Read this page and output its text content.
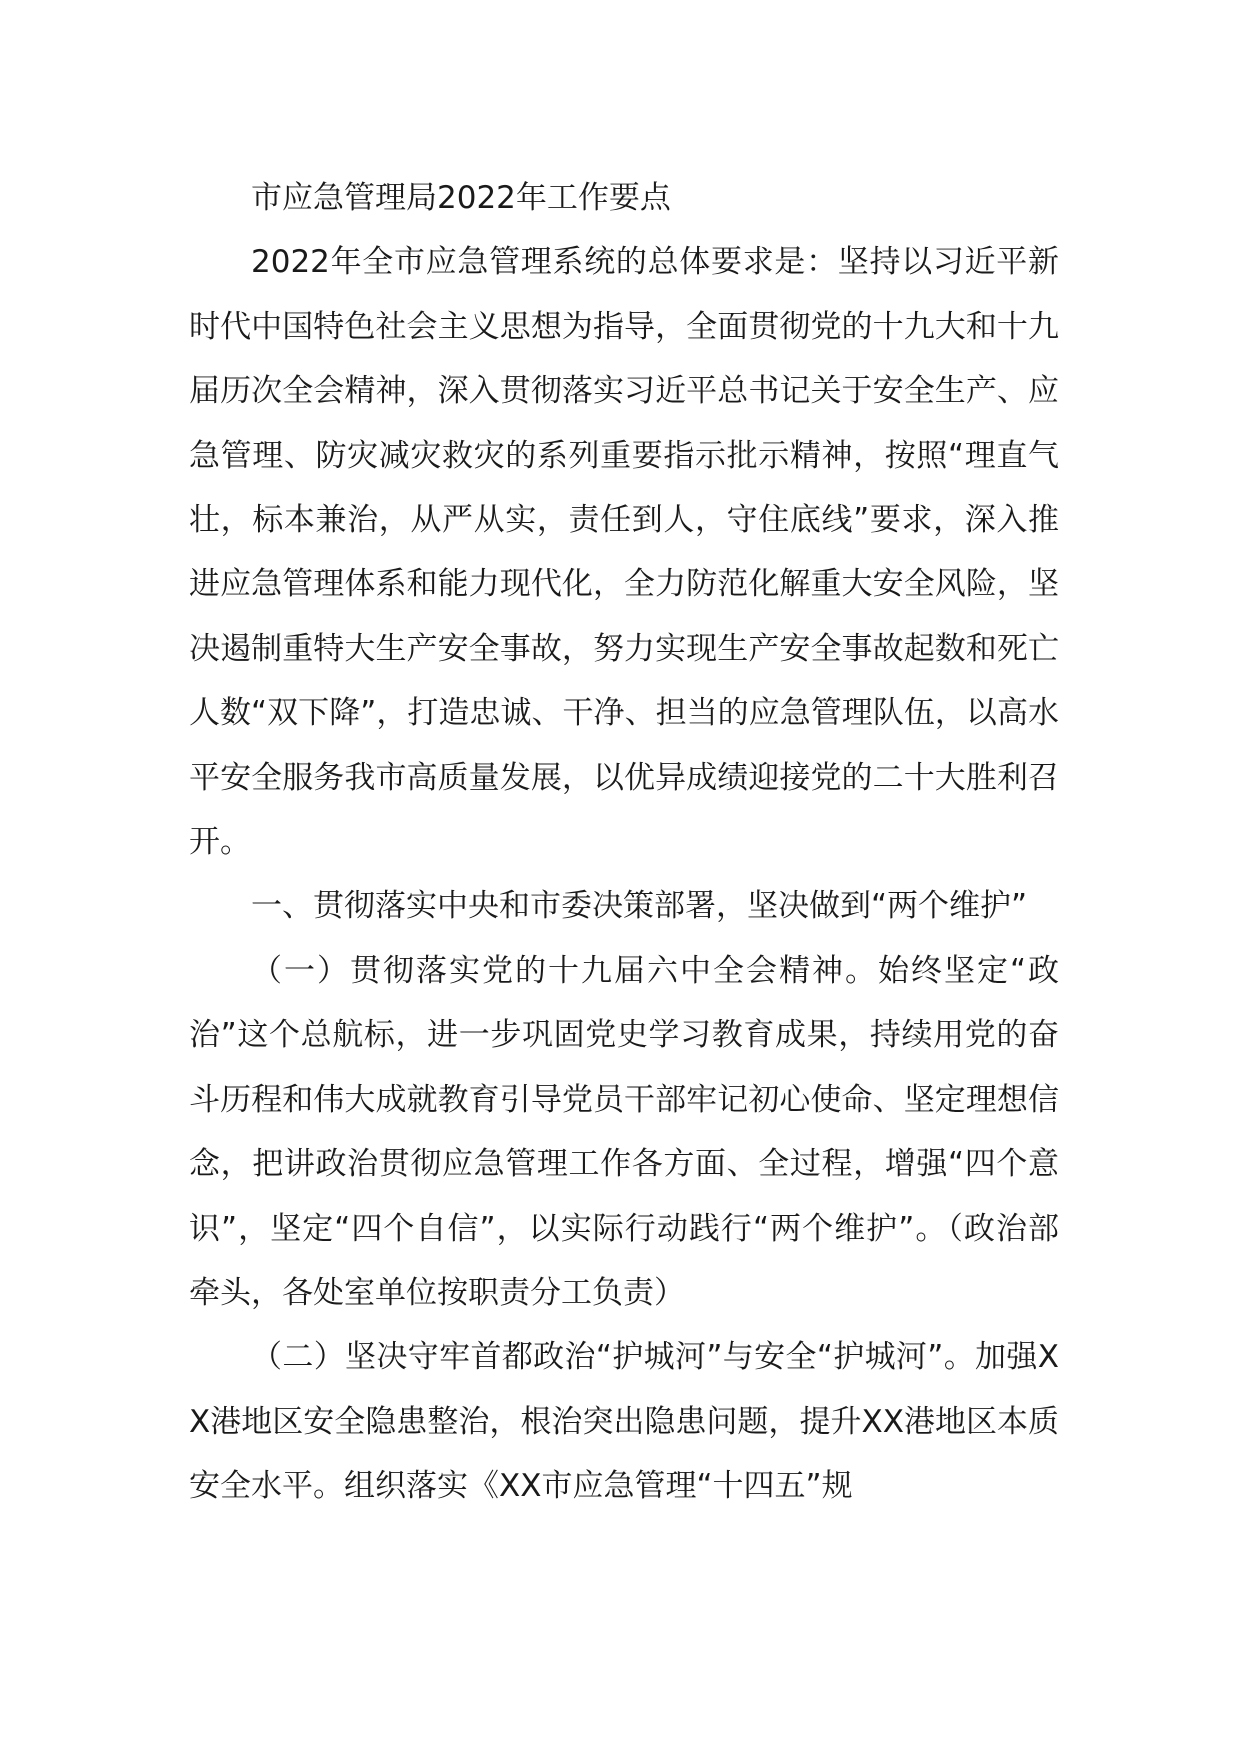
市应急管理局2022年工作要点

2022年全市应急管理系统的总体要求是：坚持以习近平新时代中国特色社会主义思想为指导，全面贯彻党的十九大和十九届历次全会精神，深入贯彻落实习近平总书记关于安全生产、应急管理、防灾减灾救灾的系列重要指示批示精神，按照“理直气壮，标本兼治，从严从实，责任到人，守住底线”要求，深入推进应急管理体系和能力现代化，全力防范化解重大安全风险，坚决遏制重特大生产安全事故，努力实现生产安全事故起数和死亡人数“双下降”，打造忠诚、干净、担当的应急管理队伍，以高水平安全服务我市高质量发展，以优异成绩迎接党的二十大胜利召开。

一、贯彻落实中央和市委决策部署，坚决做到“两个维护”

（一）贯彻落实党的十九届六中全会精神。始终坚定“政治”这个总航标，进一步巩固党史学习教育成果，持续用党的奋斗历程和伟大成就教育引导党员干部牢记初心使命、坚定理想信念，把讲政治贯彻应急管理工作各方面、全过程，增强“四个意识”，坚定“四个自信”，以实际行动践行“两个维护”。（政治部牵头，各处室单位按职责分工负责）

（二）坚决守牢首都政治“护城河”与安全“护城河”。加强XX港地区安全隐患整治，根治突出隐患问题，提升XX港地区本质安全水平。组织落实《XX市应急管理“十四五”规
